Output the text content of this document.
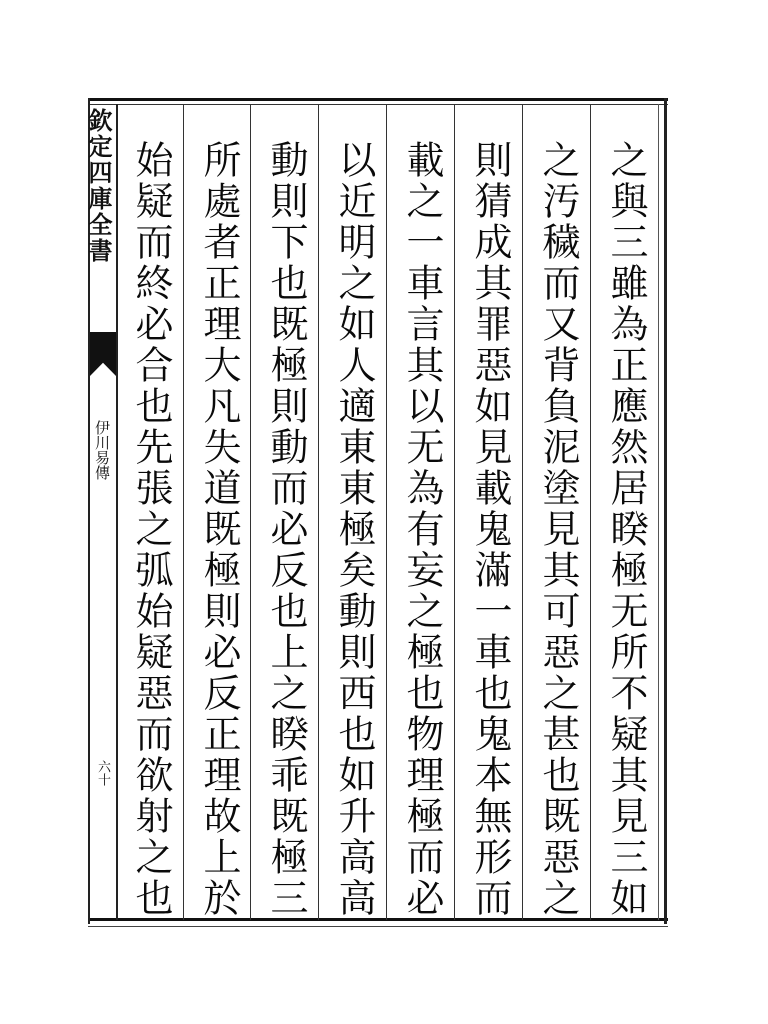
欽定四庫全書
伊川易傳
六十
之與三雖為正應然居睽極无所不疑其見三如
之汚穢而又背負泥塗見其可惡之甚也既惡之
則猜成其罪惡如見載鬼滿一車也鬼本無形而
載之一車言其以无為有妄之極也物理極而必
以近明之如人適東東極矣動則西也如升高高
動則下也既極則動而必反也上之睽乖既極三
所處者正理大凡失道既極則必反正理故上於
始疑而終必合也先張之弧始疑惡而欲射之也
